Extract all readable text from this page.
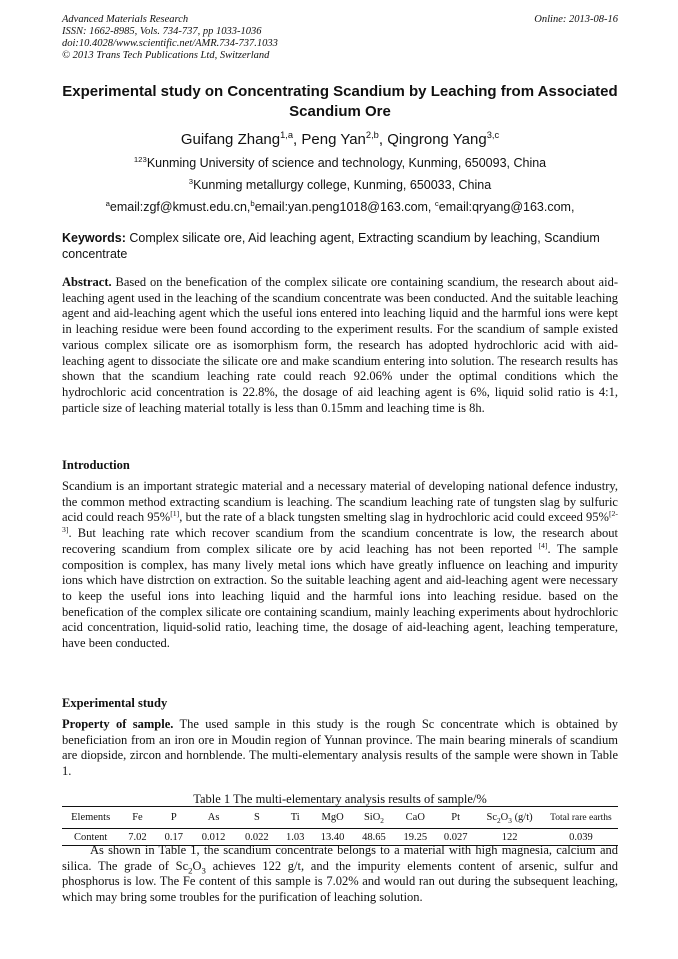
Advanced Materials Research
ISSN: 1662-8985, Vols. 734-737, pp 1033-1036
doi:10.4028/www.scientific.net/AMR.734-737.1033
© 2013 Trans Tech Publications Ltd, Switzerland
Online: 2013-08-16
Experimental study on Concentrating Scandium by Leaching from Associated Scandium Ore
Guifang Zhang$^{1,a}$, Peng Yan$^{2,b}$, Qingrong Yang$^{3,c}$
$^{123}$Kunming University of science and technology, Kunming, 650093, China
$^3$Kunming metallurgy college, Kunming, 650033, China
$^a$email:zgf@kmust.edu.cn,$^b$email:yan.peng1018@163.com, $^c$email:qryang@163.com,
Keywords: Complex silicate ore, Aid leaching agent, Extracting scandium by leaching, Scandium concentrate
Abstract. Based on the benefication of the complex silicate ore containing scandium, the research about aid-leaching agent used in the leaching of the scandium concentrate was been conducted. And the suitable leaching agent and aid-leaching agent which the useful ions entered into leaching liquid and the harmful ions were kept in leaching residue were been found according to the experiment results. For the scandium of sample existed various complex silicate ore as isomorphism form, the research has adopted hydrochloric acid with aid-leaching agent to dissociate the silicate ore and make scandium entering into solution. The research results has shown that the scandium leaching rate could reach 92.06% under the optimal conditions which the hydrochloric acid concentration is 22.8%, the dosage of aid leaching agent is 6%, liquid solid ratio is 4:1, particle size of leaching material totally is less than 0.15mm and leaching time is 8h.
Introduction
Scandium is an important strategic material and a necessary material of developing national defence industry, the common method extracting scandium is leaching. The scandium leaching rate of tungsten slag by sulfuric acid could reach 95%[1], but the rate of a black tungsten smelting slag in hydrochloric acid could exceed 95%[2-3]. But leaching rate which recover scandium from the scandium concentrate is low, the research about recovering scandium from complex silicate ore by acid leaching has not been reported [4]. The sample composition is complex, has many lively metal ions which have greatly influence on leaching and impurity ions which have distrction on extraction. So the suitable leaching agent and aid-leaching agent were necessary to keep the useful ions into leaching liquid and the harmful ions into leaching residue. based on the benefication of the complex silicate ore containing scandium, mainly leaching experiments about hydrochloric acid concentration, liquid-solid ratio, leaching time, the dosage of aid-leaching agent, leaching temperature, have been conducted.
Experimental study
Property of sample. The used sample in this study is the rough Sc concentrate which is obtained by beneficiation from an iron ore in Moudin region of Yunnan province. The main bearing minerals of scandium are diopside, zircon and hornblende. The multi-elementary analysis results of the sample were shown in Table 1.
Table 1 The multi-elementary analysis results of sample/%
Elements	Fe	P	As	S	Ti	MgO	SiO$_2$	CaO	Pt	$Sc_2O_3$ (g/t)	Total rare earths
Content	7.02	0.17	0.012	0.022	1.03	13.40	48.65	19.25	0.027	122	0.039
As shown in Table 1, the scandium concentrate belongs to a material with high magnesia, calcium and silica. The grade of $Sc_2O_3$ achieves 122 g/t, and the impurity elements content of arsenic, sulfur and phosphorus is low. The Fe content of this sample is 7.02% and would ran out during the subsequent leaching, which may bring some troubles for the purification of leaching solution.
